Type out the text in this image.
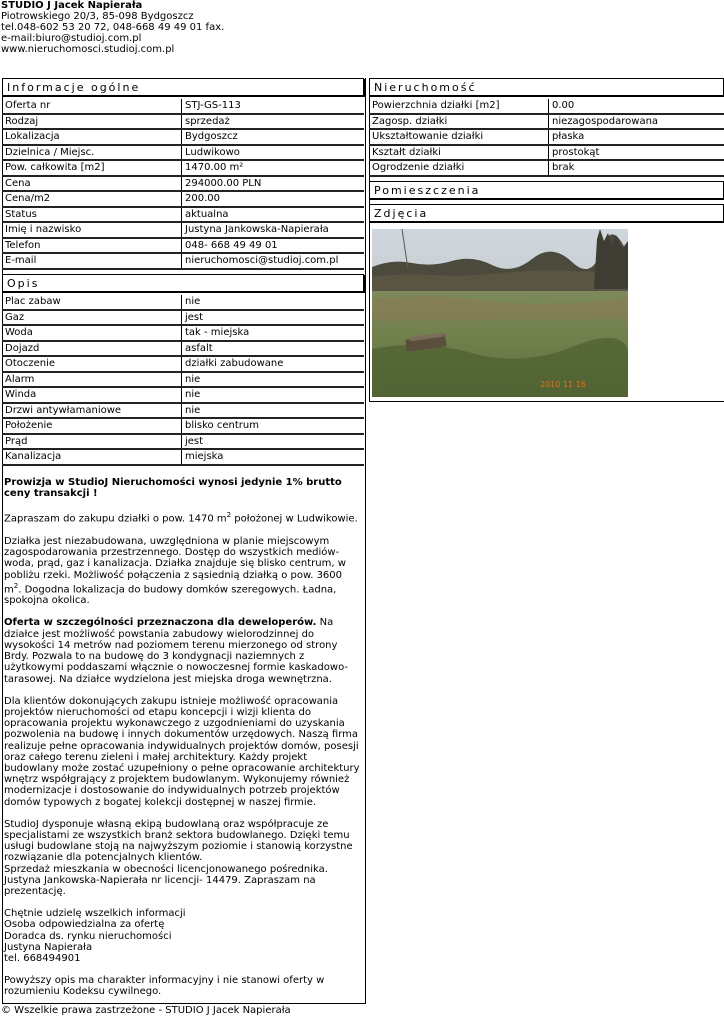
STUDIO J Jacek Napierała
Piotrowskiego 20/3, 85-098 Bydgoszcz
tel.048-602 53 20 72, 048-668 49 49 01 fax.
e-mail:biuro@studioj.com.pl
www.nieruchomosci.studioj.com.pl
Informacje ogólne
Oferta nr	STJ-GS-113
Rodzaj	sprzedaż
Lokalizacja	Bydgoszcz
Dzielnica / Miejsc.	Ludwikowo
Pow. całkowita [m2]	1470.00 m²
Cena	294000.00 PLN
Cena/m2	200.00
Status	aktualna
Imię i nazwisko	Justyna Jankowska-Napierała
Telefon	048- 668 49 49 01
E-mail	nieruchomosci@studioj.com.pl
Opis
Plac zabaw	nie
Gaz	jest
Woda	tak - miejska
Dojazd	asfalt
Otoczenie	działki zabudowane
Alarm	nie
Winda	nie
Drzwi antywłamaniowe	nie
Położenie	blisko centrum
Prąd	jest
Kanalizacja	miejska
Nieruchomość
Powierzchnia działki [m2]	0.00
Zagosp. działki	niezagospodarowana
Ukształtowanie działki	płaska
Kształt działki	prostokąt
Ogrodzenie działki	brak
Pomieszczenia
Zdjęcia
2010 11 16

Prowizja w StudioJ Nieruchomości wynosi jedynie 1% brutto ceny transakcji !

Zapraszam do zakupu działki o pow. 1470 $m^2$ położonej w Ludwikowie.

Działka jest niezabudowana, uwzględniona w planie miejscowym zagospodarowania przestrzennego. Dostęp do wszystkich mediów- woda, prąd, gaz i kanalizacja. Działka znajduje się blisko centrum, w pobliżu rzeki. Możliwość połączenia z sąsiednią działką o pow. 3600 $m^2$. Dogodna lokalizacja do budowy domków szeregowych. Ładna, spokojna okolica.

Oferta w szczególności przeznaczona dla deweloperów. Na działce jest możliwość powstania zabudowy wielorodzinnej do wysokości 14 metrów nad poziomem terenu mierzonego od strony Brdy. Pozwala to na budowę do 3 kondygnacji naziemnych z użytkowymi poddaszami włącznie o nowoczesnej formie kaskadowo-tarasowej. Na działce wydzielona jest miejska droga wewnętrzna.

Dla klientów dokonujących zakupu istnieje możliwość opracowania projektów nieruchomości od etapu koncepcji i wizji klienta do opracowania projektu wykonawczego z uzgodnieniami do uzyskania pozwolenia na budowę i innych dokumentów urzędowych. Naszą firma realizuje pełne opracowania indywidualnych projektów domów, posesji oraz całego terenu zieleni i małej architektury. Każdy projekt budowlany może zostać uzupełniony o pełne opracowanie architektury wnętrz współgrający z projektem budowlanym. Wykonujemy również modernizacje i dostosowanie do indywidualnych potrzeb projektów domów typowych z bogatej kolekcji dostępnej w naszej firmie.

StudioJ dysponuje własną ekipą budowlaną oraz współpracuje ze specjalistami ze wszystkich branż sektora budowlanego. Dzięki temu usługi budowlane stoją na najwyższym poziomie i stanowią korzystne rozwiązanie dla potencjalnych klientów.
Sprzedaż mieszkania w obecności licencjonowanego pośrednika. Justyna Jankowska-Napierała nr licencji- 14479. Zapraszam na prezentację.

Chętnie udzielę wszelkich informacji
Osoba odpowiedzialna za ofertę
Doradca ds. rynku nieruchomości
Justyna Napierała
tel. 668494901

Powyższy opis ma charakter informacyjny i nie stanowi oferty w rozumieniu Kodeksu cywilnego.

© Wszelkie prawa zastrzeżone - STUDIO J Jacek Napierała
